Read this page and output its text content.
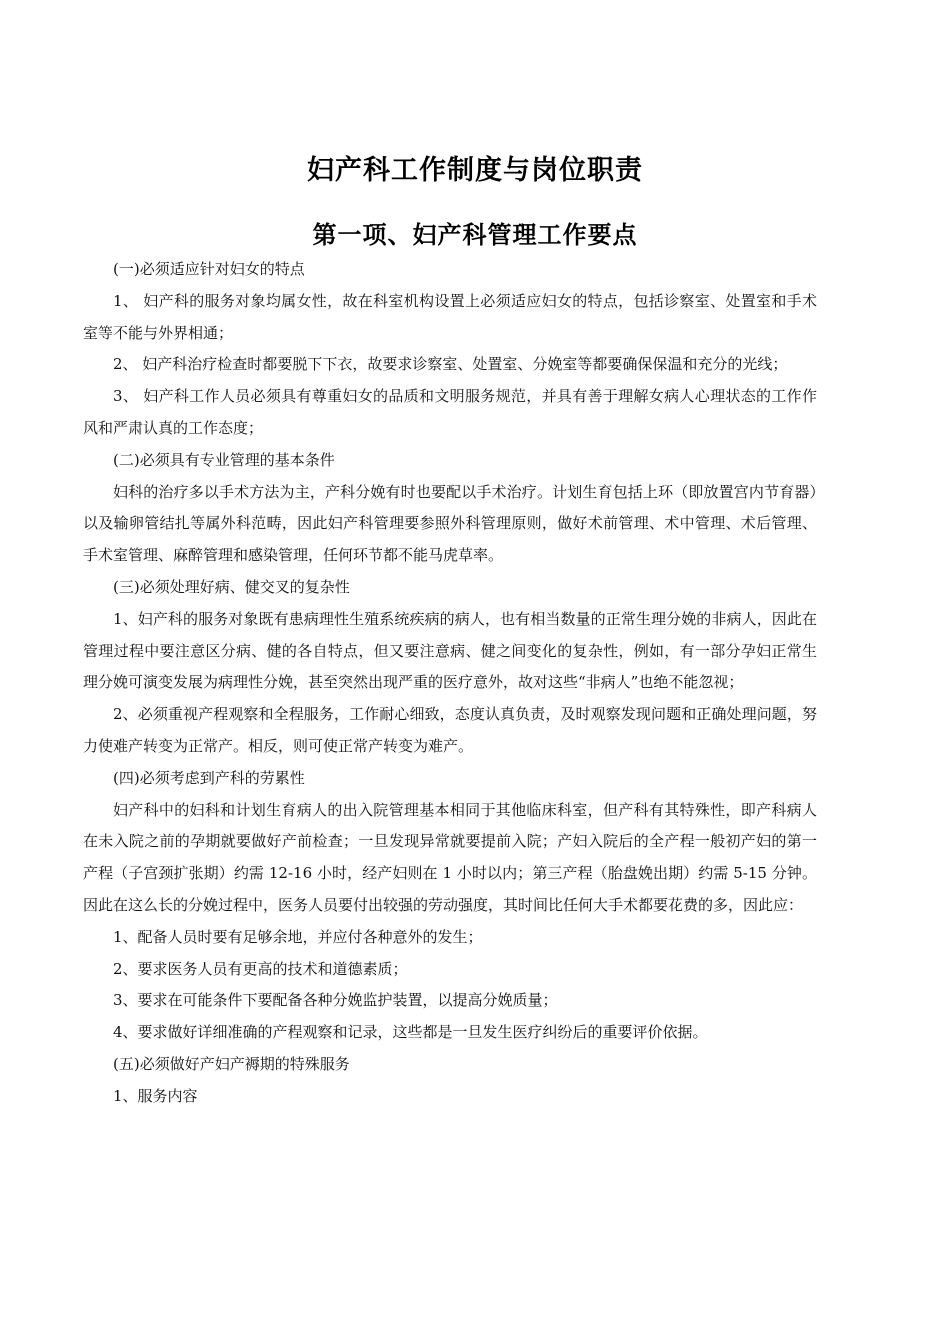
妇产科工作制度与岗位职责
第一项、妇产科管理工作要点

(一)必须适应针对妇女的特点

1、 妇产科的服务对象均属女性，故在科室机构设置上必须适应妇女的特点，包括诊察室、处置室和手术室等不能与外界相通；

2、 妇产科治疗检查时都要脱下下衣，故要求诊察室、处置室、分娩室等都要确保保温和充分的光线；

3、 妇产科工作人员必须具有尊重妇女的品质和文明服务规范，并具有善于理解女病人心理状态的工作作风和严肃认真的工作态度；

(二)必须具有专业管理的基本条件

妇科的治疗多以手术方法为主，产科分娩有时也要配以手术治疗。计划生育包括上环（即放置宫内节育器）以及输卵管结扎等属外科范畴，因此妇产科管理要参照外科管理原则，做好术前管理、术中管理、术后管理、手术室管理、麻醉管理和感染管理，任何环节都不能马虎草率。

(三)必须处理好病、健交叉的复杂性

1、妇产科的服务对象既有患病理性生殖系统疾病的病人，也有相当数量的正常生理分娩的非病人，因此在管理过程中要注意区分病、健的各自特点，但又要注意病、健之间变化的复杂性，例如，有一部分孕妇正常生理分娩可演变发展为病理性分娩，甚至突然出现严重的医疗意外，故对这些“非病人”也绝不能忽视；

2、必须重视产程观察和全程服务，工作耐心细致，态度认真负责，及时观察发现问题和正确处理问题，努力使难产转变为正常产。相反，则可使正常产转变为难产。

(四)必须考虑到产科的劳累性

妇产科中的妇科和计划生育病人的出入院管理基本相同于其他临床科室，但产科有其特殊性，即产科病人在未入院之前的孕期就要做好产前检查；一旦发现异常就要提前入院；产妇入院后的全产程一般初产妇的第一产程（子宫颈扩张期）约需 12-16 小时，经产妇则在 1 小时以内；第三产程（胎盘娩出期）约需 5-15 分钟。因此在这么长的分娩过程中，医务人员要付出较强的劳动强度，其时间比任何大手术都要花费的多，因此应：

1、配备人员时要有足够余地，并应付各种意外的发生；

2、要求医务人员有更高的技术和道德素质；

3、要求在可能条件下要配备各种分娩监护装置，以提高分娩质量；

4、要求做好详细准确的产程观察和记录，这些都是一旦发生医疗纠纷后的重要评价依据。

(五)必须做好产妇产褥期的特殊服务

1、服务内容
